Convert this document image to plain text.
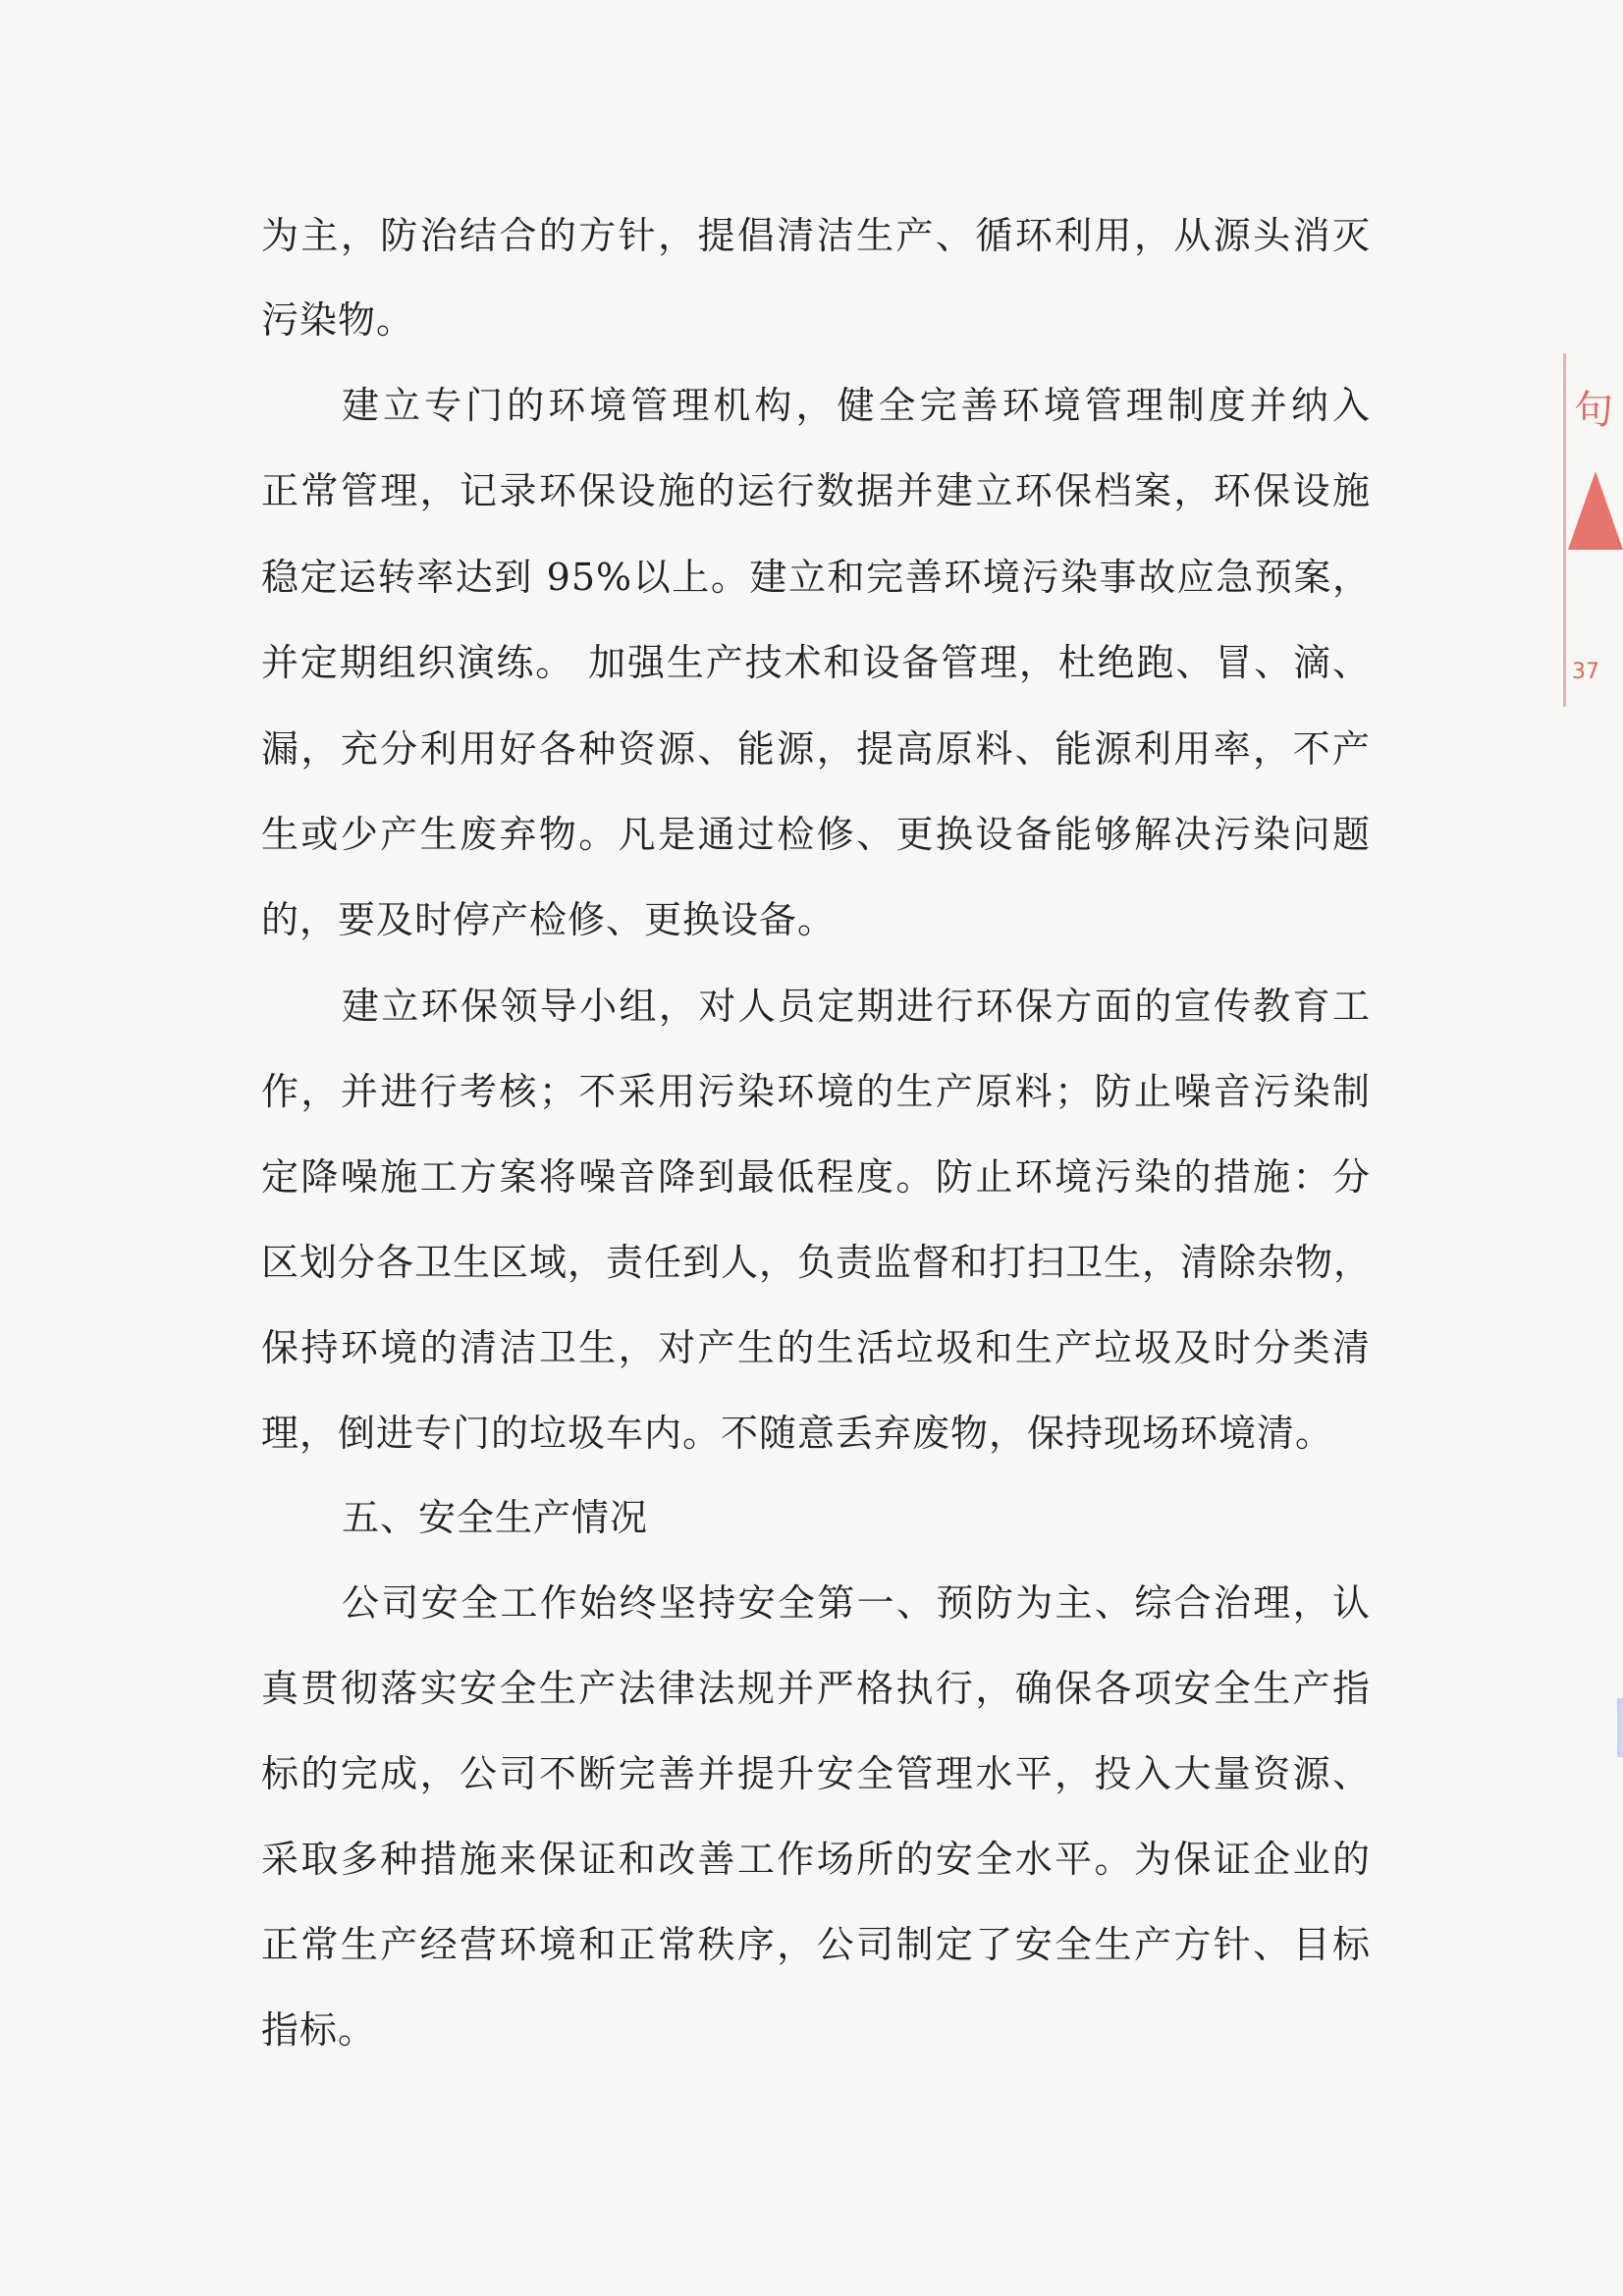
为主，防治结合的方针，提倡清洁生产、循环利用，从源头消灭
污染物。
建立专门的环境管理机构，健全完善环境管理制度并纳入
正常管理，记录环保设施的运行数据并建立环保档案，环保设施
稳定运转率达到 95%以上。建立和完善环境污染事故应急预案，
并定期组织演练。 加强生产技术和设备管理，杜绝跑、冒、滴、
漏，充分利用好各种资源、能源，提高原料、能源利用率，不产
生或少产生废弃物。凡是通过检修、更换设备能够解决污染问题
的，要及时停产检修、更换设备。
建立环保领导小组，对人员定期进行环保方面的宣传教育工
作，并进行考核；不采用污染环境的生产原料；防止噪音污染制
定降噪施工方案将噪音降到最低程度。防止环境污染的措施：分
区划分各卫生区域，责任到人，负责监督和打扫卫生，清除杂物，
保持环境的清洁卫生，对产生的生活垃圾和生产垃圾及时分类清
理，倒进专门的垃圾车内。不随意丢弃废物，保持现场环境清。
五、安全生产情况
公司安全工作始终坚持安全第一、预防为主、综合治理，认
真贯彻落实安全生产法律法规并严格执行，确保各项安全生产指
标的完成，公司不断完善并提升安全管理水平，投入大量资源、
采取多种措施来保证和改善工作场所的安全水平。为保证企业的
正常生产经营环境和正常秩序，公司制定了安全生产方针、目标
指标。
句
37
